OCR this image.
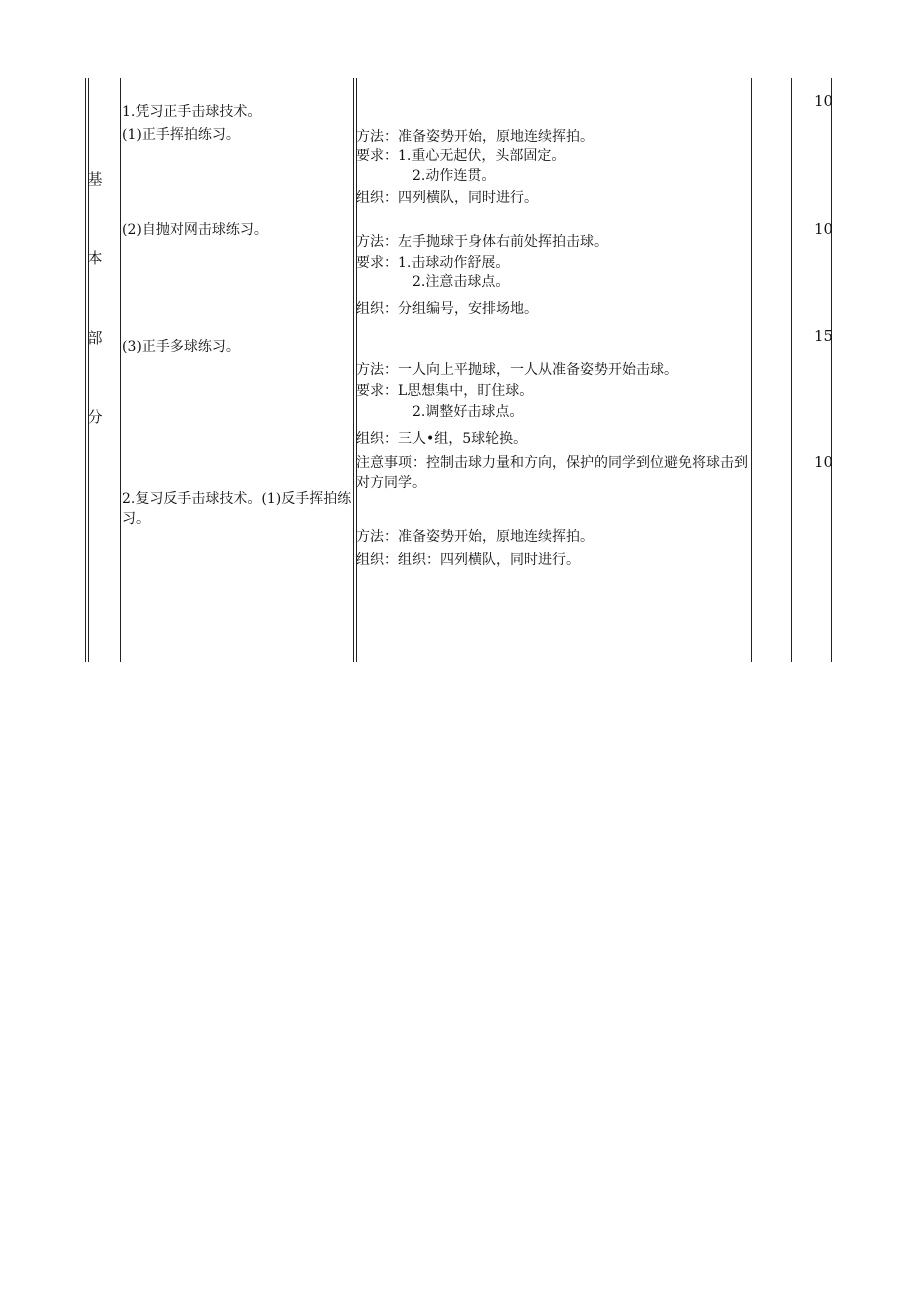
基
本
部
分
1.凭习正手击球技术。
(1)正手挥拍练习。
(2)自抛对网击球练习。
(3)正手多球练习。
2.复习反手击球技术。(1)反手挥拍练习。
方法：准备姿势开始，原地连续挥拍。
要求：1.重心无起伏，头部固定。
2.动作连贯。
组织：四列横队，同时进行。
方法：左手抛球于身体右前处挥拍击球。
要求：1.击球动作舒展。
2.注意击球点。
组织：分组编号，安排场地。
方法：一人向上平抛球，一人从准备姿势开始击球。
要求：L思想集中，盯住球。
2.调整好击球点。
组织：三人•组，5球轮换。
注意事项：控制击球力量和方向，保护的同学到位避免将球击到对方同学。
方法：准备姿势开始，原地连续挥拍。
组织：组织：四列横队，同时进行。
10
10
15
10
